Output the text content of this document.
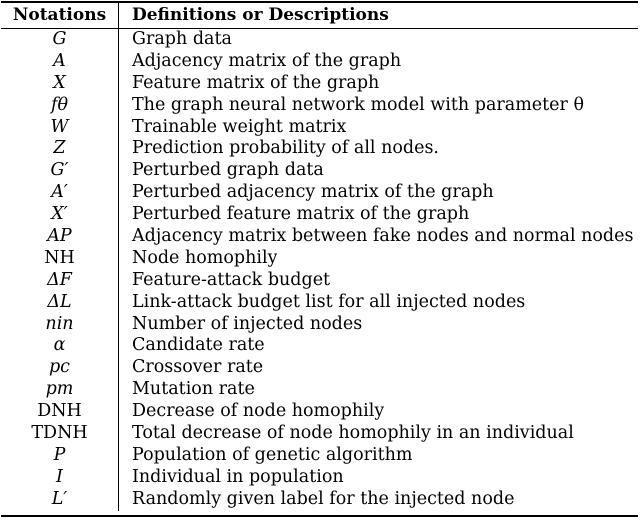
Notations	Definitions or Descriptions
G	Graph data
A	Adjacency matrix of the graph
X	Feature matrix of the graph
fθ	The graph neural network model with parameter θ
W	Trainable weight matrix
Z	Prediction probability of all nodes.
G′	Perturbed graph data
A′	Perturbed adjacency matrix of the graph
X′	Perturbed feature matrix of the graph
AP	Adjacency matrix between fake nodes and normal nodes
NH	Node homophily
ΔF	Feature-attack budget
ΔL	Link-attack budget list for all injected nodes
nin	Number of injected nodes
α	Candidate rate
pc	Crossover rate
pm	Mutation rate
DNH	Decrease of node homophily
TDNH	Total decrease of node homophily in an individual
P	Population of genetic algorithm
I	Individual in population
L′	Randomly given label for the injected node
